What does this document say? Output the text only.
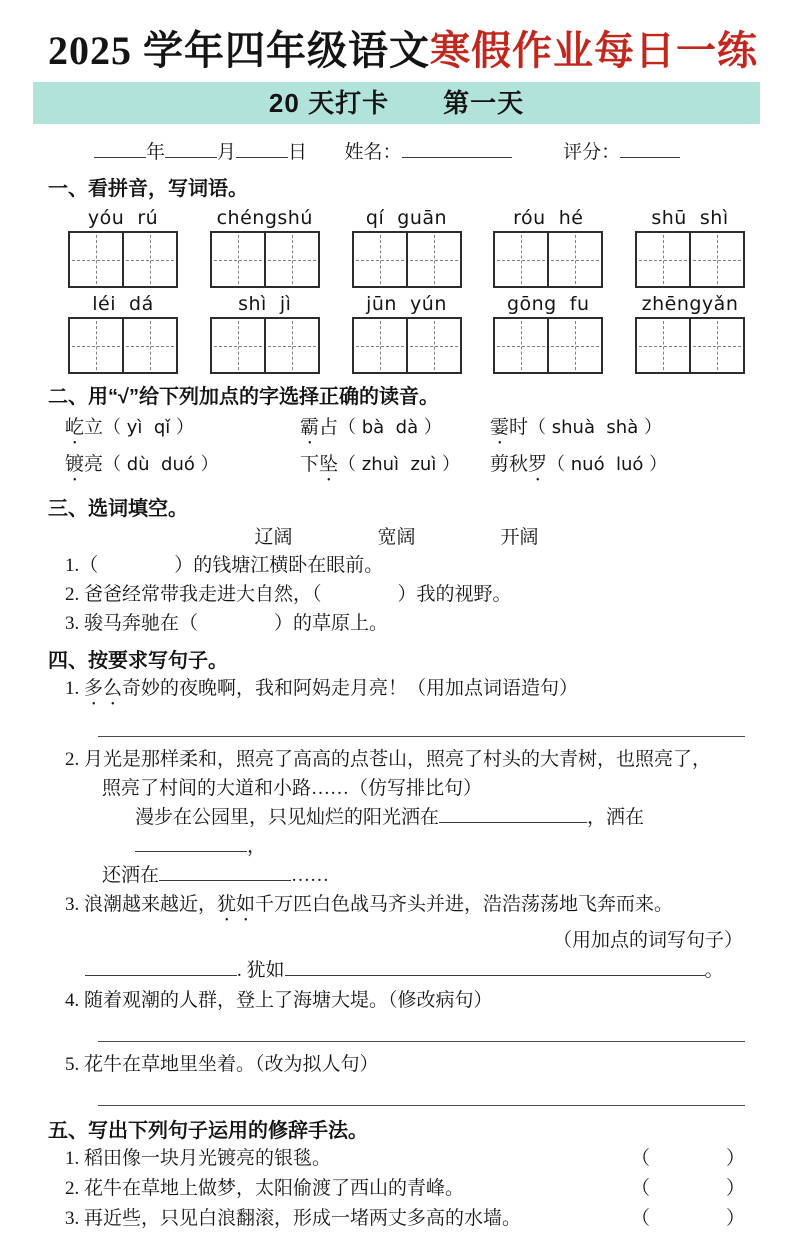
2025 学年四年级语文寒假作业每日一练
20 天打卡　　第一天
年	月	日 姓名：	评分：
一、看拼音，写词语。
yóu  rú	chéngshú	qí  guān	róu  hé	shū  shì
léi  dá	shì  jì	jūn  yún	gōng  fu	zhēngyǎn
二、用“√”给下列加点的字选择正确的读音。
屹立（ yì  qǐ ）	霸占（ bà  dà ）	霎时（ shuà  shà ）
镀亮（ dù  duó ）	下坠（ zhuì  zuì ）	剪秋罗（ nuó  luó ）
三、选词填空。
辽阔	宽阔	开阔
1.（　　　　）的钱塘江横卧在眼前。
2. 爸爸经常带我走进大自然，（　　　　）我的视野。
3. 骏马奔驰在（　　　　）的草原上。
四、按要求写句子。
1. 多么奇妙的夜晚啊，我和阿妈走月亮！（用加点词语造句）
2. 月光是那样柔和，照亮了高高的点苍山，照亮了村头的大青树，也照亮了，
照亮了村间的大道和小路……（仿写排比句）
漫步在公园里，只见灿烂的阳光洒在	，洒在，
还洒在	……
3. 浪潮越来越近，犹如千万匹白色战马齐头并进，浩浩荡荡地飞奔而来。
（用加点的词写句子）
. 犹如	。
4. 随着观潮的人群，登上了海塘大堤。（修改病句）
5. 花牛在草地里坐着。（改为拟人句）
五、写出下列句子运用的修辞手法。
1. 稻田像一块月光镀亮的银毯。	（　　　　）
2. 花牛在草地上做梦，太阳偷渡了西山的青峰。	（　　　　）
3. 再近些，只见白浪翻滚，形成一堵两丈多高的水墙。	（　　　　）
